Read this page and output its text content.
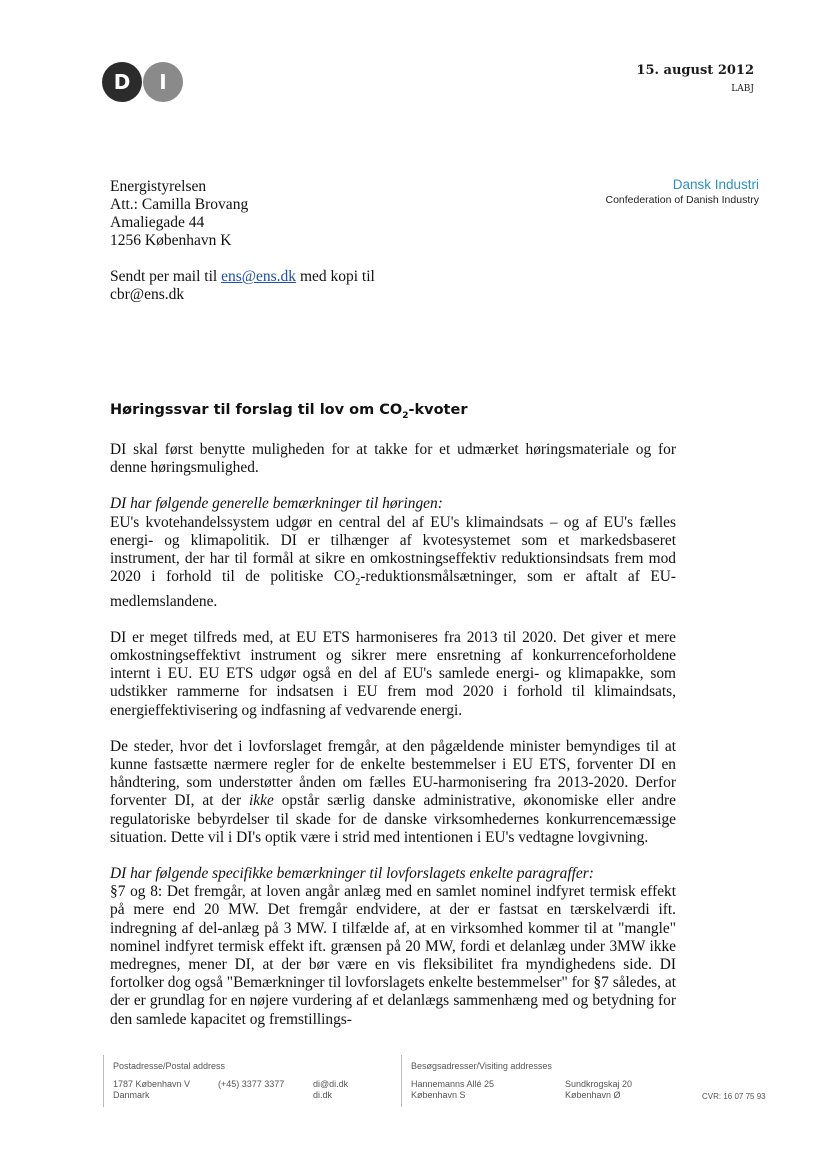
D I	15. august 2012
LABJ
Dansk Industri
Confederation of Danish Industry
Energistyrelsen
Att.: Camilla Brovang
Amaliegade 44
1256 København K
Sendt per mail til ens@ens.dk med kopi til
cbr@ens.dk
Høringssvar til forslag til lov om $CO_2$-kvoter

DI skal først benytte muligheden for at takke for et udmærket høringsmateriale og for denne høringsmulighed.

DI har følgende generelle bemærkninger til høringen:

EU's kvotehandelssystem udgør en central del af EU's klimaindsats – og af EU's fælles energi- og klimapolitik. DI er tilhænger af kvotesystemet som et markedsbaseret instrument, der har til formål at sikre en omkostningseffektiv reduktionsindsats frem mod 2020 i forhold til de politiske $CO_2$-reduktionsmålsætninger, som er aftalt af EU-medlemslandene.

DI er meget tilfreds med, at EU ETS harmoniseres fra 2013 til 2020. Det giver et mere omkostningseffektivt instrument og sikrer mere ensretning af konkurrenceforholdene internt i EU. EU ETS udgør også en del af EU's samlede energi- og klimapakke, som udstikker rammerne for indsatsen i EU frem mod 2020 i forhold til klimaindsats, energieffektivisering og indfasning af vedvarende energi.

De steder, hvor det i lovforslaget fremgår, at den pågældende minister bemyndiges til at kunne fastsætte nærmere regler for de enkelte bestemmelser i EU ETS, forventer DI en håndtering, som understøtter ånden om fælles EU-harmonisering fra 2013-2020. Derfor forventer DI, at der ikke opstår særlig danske administrative, økonomiske eller andre regulatoriske bebyrdelser til skade for de danske virksomhedernes konkurrencemæssige situation. Dette vil i DI's optik være i strid med intentionen i EU's vedtagne lovgivning.

DI har følgende specifikke bemærkninger til lovforslagets enkelte paragraffer:

§7 og 8: Det fremgår, at loven angår anlæg med en samlet nominel indfyret termisk effekt på mere end 20 MW. Det fremgår endvidere, at der er fastsat en tærskelværdi ift. indregning af del-anlæg på 3 MW. I tilfælde af, at en virksomhed kommer til at "mangle" nominel indfyret termisk effekt ift. grænsen på 20 MW, fordi et delanlæg under 3MW ikke medregnes, mener DI, at der bør være en vis fleksibilitet fra myndighedens side. DI fortolker dog også "Bemærkninger til lovforslagets enkelte bestemmelser" for §7 således, at der er grundlag for en nøjere vurdering af et delanlægs sammenhæng med og betydning for den samlede kapacitet og fremstillings-

Postadresse/Postal address
1787 København V
Danmark
(+45) 3377 3377	di@di.dk
di.dk
Besøgsadresser/Visiting addresses
Hannemanns Allé 25
København S
Sundkrogskaj 20
København Ø	CVR: 16 07 75 93
